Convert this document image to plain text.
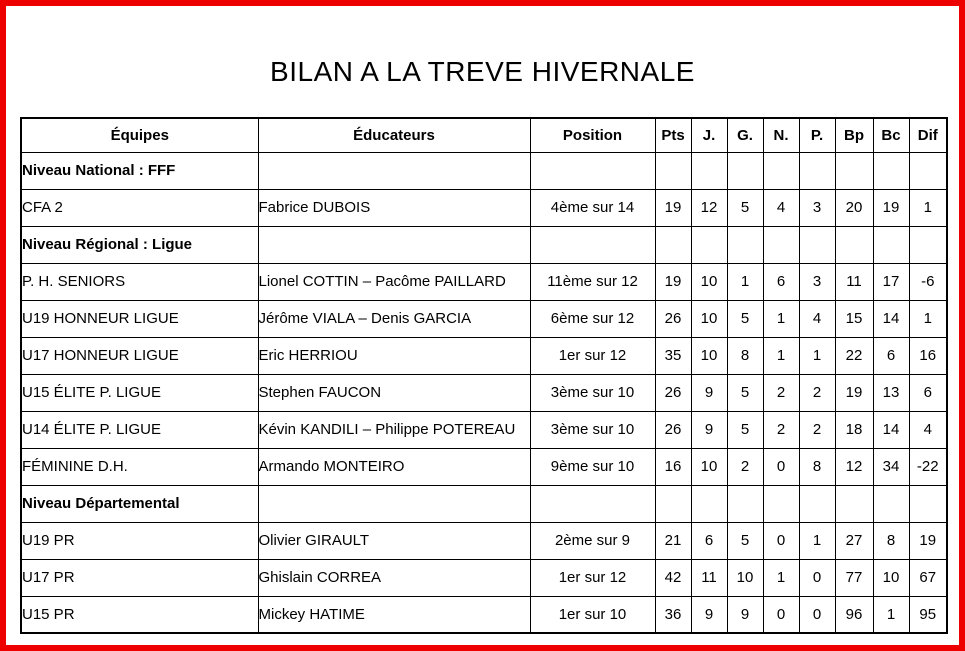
BILAN A LA TREVE HIVERNALE
Équipes	Éducateurs	Position	Pts	J.	G.	N.	P.	Bp	Bc	Dif
Niveau National : FFF										
CFA 2	Fabrice DUBOIS	4ème sur 14	19	12	5	4	3	20	19	1
Niveau Régional : Ligue										
P. H. SENIORS	Lionel COTTIN – Pacôme PAILLARD	11ème sur 12	19	10	1	6	3	11	17	-6
U19 HONNEUR LIGUE	Jérôme VIALA – Denis GARCIA	6ème sur 12	26	10	5	1	4	15	14	1
U17 HONNEUR LIGUE	Eric HERRIOU	1er sur 12	35	10	8	1	1	22	6	16
U15 ÉLITE P. LIGUE	Stephen FAUCON	3ème sur 10	26	9	5	2	2	19	13	6
U14 ÉLITE P. LIGUE	Kévin KANDILI – Philippe POTEREAU	3ème sur 10	26	9	5	2	2	18	14	4
FÉMININE D.H.	Armando MONTEIRO	9ème sur 10	16	10	2	0	8	12	34	-22
Niveau Départemental										
U19 PR	Olivier GIRAULT	2ème sur 9	21	6	5	0	1	27	8	19
U17 PR	Ghislain CORREA	1er sur 12	42	11	10	1	0	77	10	67
U15 PR	Mickey HATIME	1er sur 10	36	9	9	0	0	96	1	95
